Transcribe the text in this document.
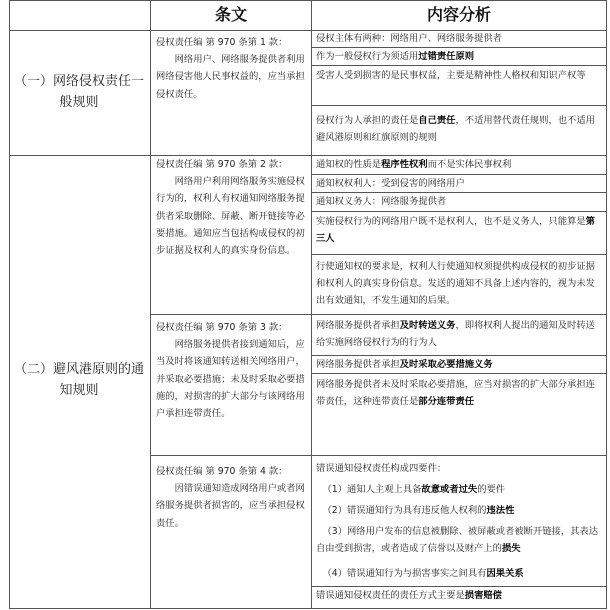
条文	内容分析
（一）网络侵权责任一般规则

侵权责任编 第 970 条第 1 款：
网络用户、网络服务提供者利用网络侵害他人民事权益的，应当承担侵权责任。

侵权主体有两种：网络用户、网络服务提供者

作为一般侵权行为须适用过错责任原则

受害人受到损害的是民事权益，主要是精神性人格权和知识产权等

侵权行为人承担的责任是自己责任，不适用替代责任规则，也不适用避风港原则和红旗原则的规则

（二）避风港原则的通知规则

侵权责任编 第 970 条第 2 款：
网络用户利用网络服务实施侵权行为的，权利人有权通知网络服务提供者采取删除、屏蔽、断开链接等必要措施。通知应当包括构成侵权的初步证据及权利人的真实身份信息。

侵权责任编 第 970 条第 3 款：
网络服务提供者接到通知后，应当及时将该通知转送相关网络用户，并采取必要措施；未及时采取必要措施的，对损害的扩大部分与该网络用户承担连带责任。

侵权责任编 第 970 条第 4 款：
因错误通知造成网络用户或者网络服务提供者损害的，应当承担侵权责任。

通知权的性质是程序性权利而不是实体民事权利

通知权权利人：受到侵害的网络用户

通知权义务人：网络服务提供者

实施侵权行为的网络用户既不是权利人，也不是义务人，只能算是第三人

行使通知权的要求是，权利人行使通知权须提供构成侵权的初步证据和权利人的真实身份信息。发送的通知不具备上述内容的，视为未发出有效通知，不发生通知的后果。

网络服务提供者承担及时转送义务，即将权利人提出的通知及时转送给实施网络侵权行为的行为人

网络服务提供者承担及时采取必要措施义务

网络服务提供者未及时采取必要措施，应当对损害的扩大部分承担连带责任，这种连带责任是部分连带责任

错误通知侵权责任构成四要件：

（1）通知人主观上具备故意或者过失的要件

（2）错误通知行为具有违反他人权利的违法性

（3）网络用户发布的信息被删除、被屏蔽或者被断开链接，其表达自由受到损害，或者造成了信誉以及财产上的损失

（4）错误通知行为与损害事实之间具有因果关系

错误通知侵权责任的责任方式主要是损害赔偿
